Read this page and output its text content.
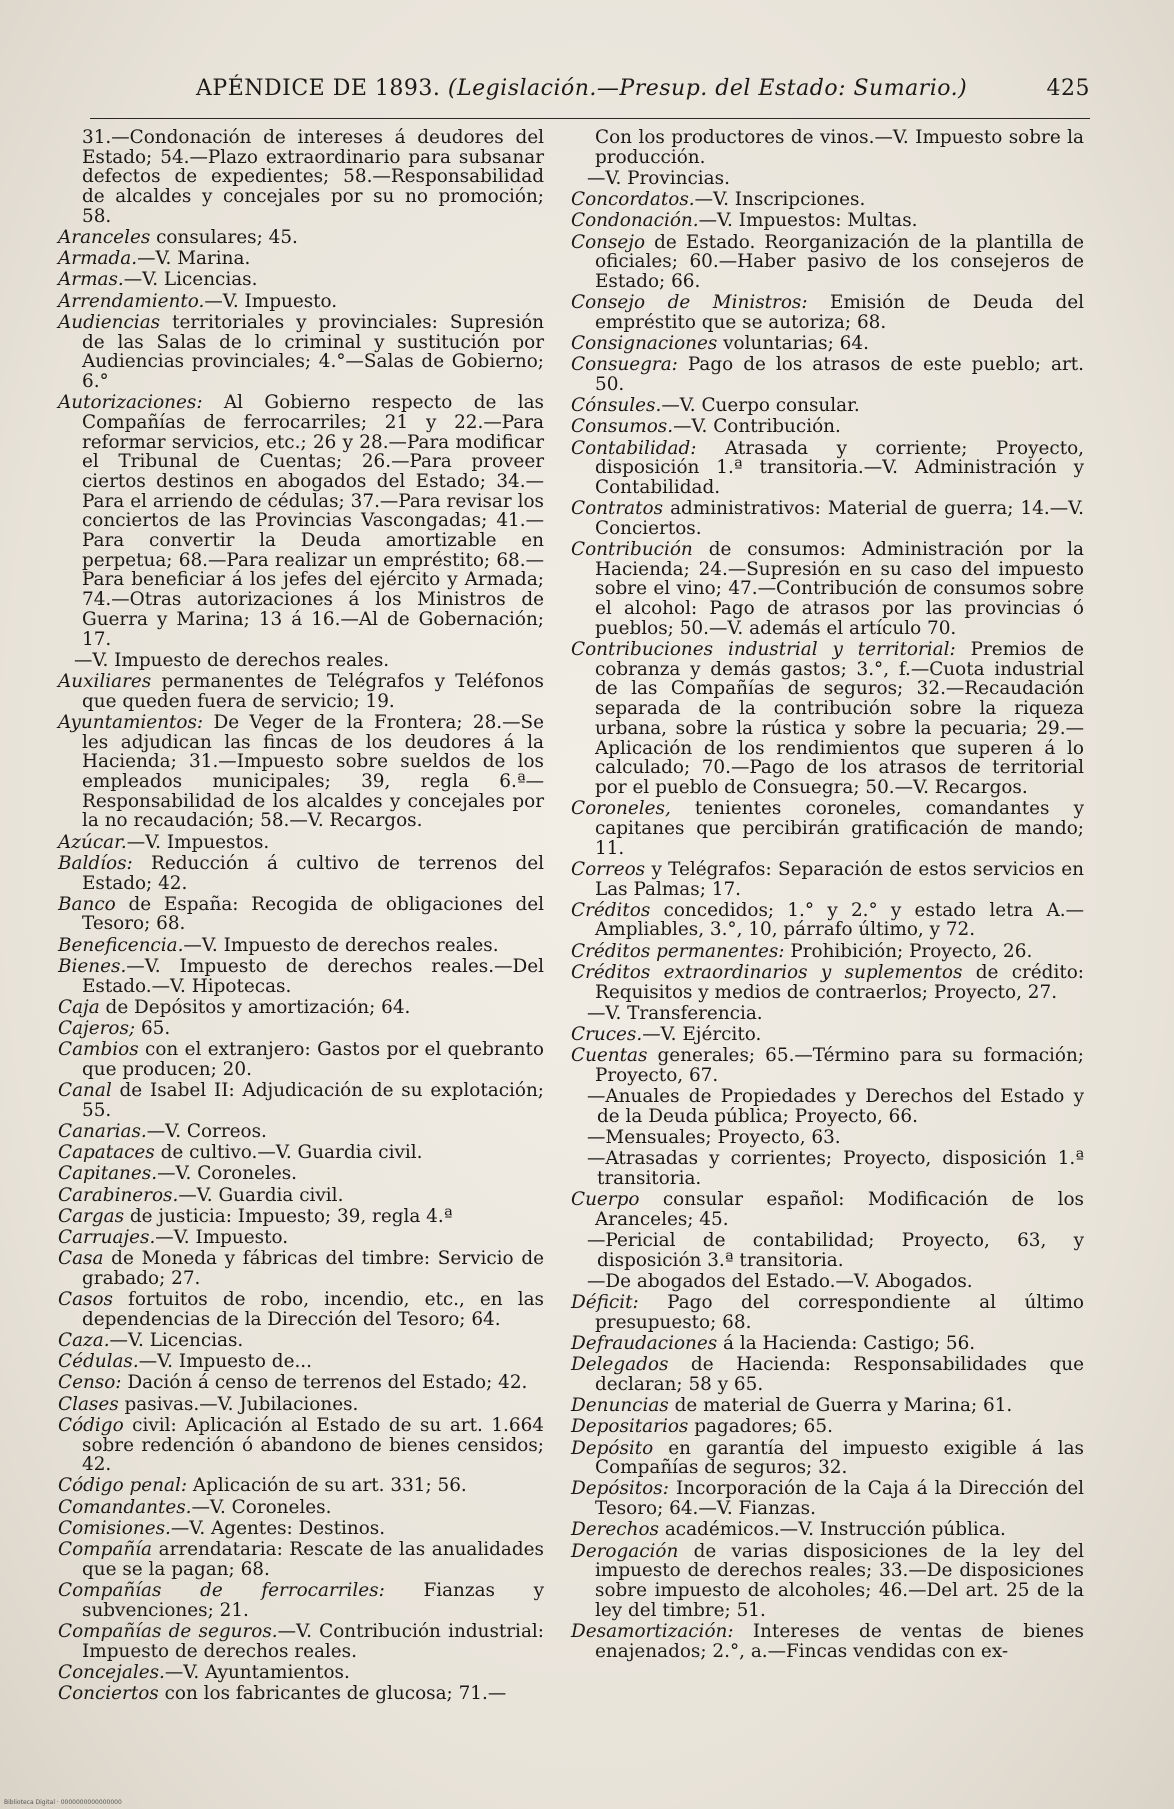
APÉNDICE DE 1893. (Legislación.—Presup. del Estado: Sumario.)	425

31.—Condonación de intereses á deudores del Estado; 54.—Plazo extraordinario para subsanar defectos de expedientes; 58.—Responsabilidad de alcaldes y concejales por su no promoción; 58.

Aranceles consulares; 45.

Armada.—V. Marina.

Armas.—V. Licencias.

Arrendamiento.—V. Impuesto.

Audiencias territoriales y provinciales: Supresión de las Salas de lo criminal y sustitución por Audiencias provinciales; 4.°—Salas de Gobierno; 6.°

Autorizaciones: Al Gobierno respecto de las Compañías de ferrocarriles; 21 y 22.—Para reformar servicios, etc.; 26 y 28.—Para modificar el Tribunal de Cuentas; 26.—Para proveer ciertos destinos en abogados del Estado; 34.—Para el arriendo de cédulas; 37.—Para revisar los conciertos de las Provincias Vascongadas; 41.—Para convertir la Deuda amortizable en perpetua; 68.—Para realizar un empréstito; 68.—Para beneficiar á los jefes del ejército y Armada; 74.—Otras autorizaciones á los Ministros de Guerra y Marina; 13 á 16.—Al de Gobernación; 17.

—V. Impuesto de derechos reales.

Auxiliares permanentes de Telégrafos y Teléfonos que queden fuera de servicio; 19.

Ayuntamientos: De Veger de la Frontera; 28.—Se les adjudican las fincas de los deudores á la Hacienda; 31.—Impuesto sobre sueldos de los empleados municipales; 39, regla 6.ª—Responsabilidad de los alcaldes y concejales por la no recaudación; 58.—V. Recargos.

Azúcar.—V. Impuestos.

Baldíos: Reducción á cultivo de terrenos del Estado; 42.

Banco de España: Recogida de obligaciones del Tesoro; 68.

Beneficencia.—V. Impuesto de derechos reales.

Bienes.—V. Impuesto de derechos reales.—Del Estado.—V. Hipotecas.

Caja de Depósitos y amortización; 64.

Cajeros; 65.

Cambios con el extranjero: Gastos por el quebranto que producen; 20.

Canal de Isabel II: Adjudicación de su explotación; 55.

Canarias.—V. Correos.

Capataces de cultivo.—V. Guardia civil.

Capitanes.—V. Coroneles.

Carabineros.—V. Guardia civil.

Cargas de justicia: Impuesto; 39, regla 4.ª

Carruajes.—V. Impuesto.

Casa de Moneda y fábricas del timbre: Servicio de grabado; 27.

Casos fortuitos de robo, incendio, etc., en las dependencias de la Dirección del Tesoro; 64.

Caza.—V. Licencias.

Cédulas.—V. Impuesto de...

Censo: Dación á censo de terrenos del Estado; 42.

Clases pasivas.—V. Jubilaciones.

Código civil: Aplicación al Estado de su art. 1.664 sobre redención ó abandono de bienes censidos; 42.

Código penal: Aplicación de su art. 331; 56.

Comandantes.—V. Coroneles.

Comisiones.—V. Agentes: Destinos.

Compañía arrendataria: Rescate de las anualidades que se la pagan; 68.

Compañías de ferrocarriles: Fianzas y subvenciones; 21.

Compañías de seguros.—V. Contribución industrial: Impuesto de derechos reales.

Concejales.—V. Ayuntamientos.

Conciertos con los fabricantes de glucosa; 71.—

Con los productores de vinos.—V. Impuesto sobre la producción.

—V. Provincias.

Concordatos.—V. Inscripciones.

Condonación.—V. Impuestos: Multas.

Consejo de Estado. Reorganización de la plantilla de oficiales; 60.—Haber pasivo de los consejeros de Estado; 66.

Consejo de Ministros: Emisión de Deuda del empréstito que se autoriza; 68.

Consignaciones voluntarias; 64.

Consuegra: Pago de los atrasos de este pueblo; art. 50.

Cónsules.—V. Cuerpo consular.

Consumos.—V. Contribución.

Contabilidad: Atrasada y corriente; Proyecto, disposición 1.ª transitoria.—V. Administración y Contabilidad.

Contratos administrativos: Material de guerra; 14.—V. Conciertos.

Contribución de consumos: Administración por la Hacienda; 24.—Supresión en su caso del impuesto sobre el vino; 47.—Contribución de consumos sobre el alcohol: Pago de atrasos por las provincias ó pueblos; 50.—V. además el artículo 70.

Contribuciones industrial y territorial: Premios de cobranza y demás gastos; 3.°, f.—Cuota industrial de las Compañías de seguros; 32.—Recaudación separada de la contribución sobre la riqueza urbana, sobre la rústica y sobre la pecuaria; 29.—Aplicación de los rendimientos que superen á lo calculado; 70.—Pago de los atrasos de territorial por el pueblo de Consuegra; 50.—V. Recargos.

Coroneles, tenientes coroneles, comandantes y capitanes que percibirán gratificación de mando; 11.

Correos y Telégrafos: Separación de estos servicios en Las Palmas; 17.

Créditos concedidos; 1.° y 2.° y estado letra A.—Ampliables, 3.°, 10, párrafo último, y 72.

Créditos permanentes: Prohibición; Proyecto, 26.

Créditos extraordinarios y suplementos de crédito: Requisitos y medios de contraerlos; Proyecto, 27.

—V. Transferencia.

Cruces.—V. Ejército.

Cuentas generales; 65.—Término para su formación; Proyecto, 67.

—Anuales de Propiedades y Derechos del Estado y de la Deuda pública; Proyecto, 66.

—Mensuales; Proyecto, 63.

—Atrasadas y corrientes; Proyecto, disposición 1.ª transitoria.

Cuerpo consular español: Modificación de los Aranceles; 45.

—Pericial de contabilidad; Proyecto, 63, y disposición 3.ª transitoria.

—De abogados del Estado.—V. Abogados.

Déficit: Pago del correspondiente al último presupuesto; 68.

Defraudaciones á la Hacienda: Castigo; 56.

Delegados de Hacienda: Responsabilidades que declaran; 58 y 65.

Denuncias de material de Guerra y Marina; 61.

Depositarios pagadores; 65.

Depósito en garantía del impuesto exigible á las Compañías de seguros; 32.

Depósitos: Incorporación de la Caja á la Dirección del Tesoro; 64.—V. Fianzas.

Derechos académicos.—V. Instrucción pública.

Derogación de varias disposiciones de la ley del impuesto de derechos reales; 33.—De disposiciones sobre impuesto de alcoholes; 46.—Del art. 25 de la ley del timbre; 51.

Desamortización: Intereses de ventas de bienes enajenados; 2.°, a.—Fincas vendidas con ex-

Biblioteca Digital · 0000000000000000
